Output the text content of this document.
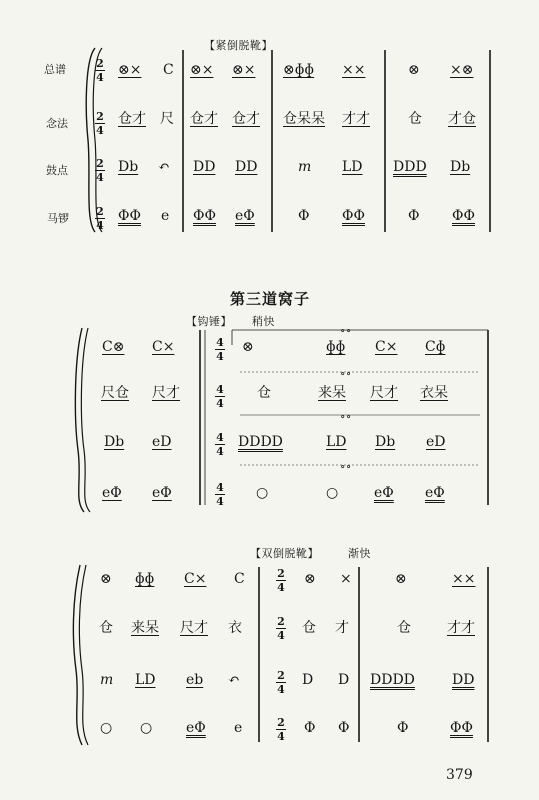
【紧倒脱靴】
总谱
念法
鼓点
马锣
2
4
2
4
2
4
2
4
⊗× C ⊗× ⊗× ⊗ɸɸ ××	⊗ ×⊗
仓才 尺 仓才 仓才 仓呆呆 才才	仓 才仓
Db ↶ DD DD	m LD DDD Db
ΦΦ e ΦΦ eΦ	Φ ΦΦ	Φ ΦΦ
第三道窝子
【钩锤】 稍快
∘∘
∘∘
∘∘
∘∘
4
4
4
4
4
4
4
4
C⊗ C×	⊗	ɸɸ C× Cɸ
尺仓 尺才	仓	来呆 尺才 衣呆
Db eD	DDDD	LD Db eD
eΦ eΦ	○	○	eΦ eΦ
【双倒脱靴】	渐快
2
4
2
4
2
4
2
4
⊗ ɸɸ C× C	⊗ ×	⊗	××
仓 来呆 尺才 衣	仓 才	仓	才才
m LD eb ↶	D D DDDD	DD
○ ○ eΦ e	Φ Φ	Φ	ΦΦ
379
